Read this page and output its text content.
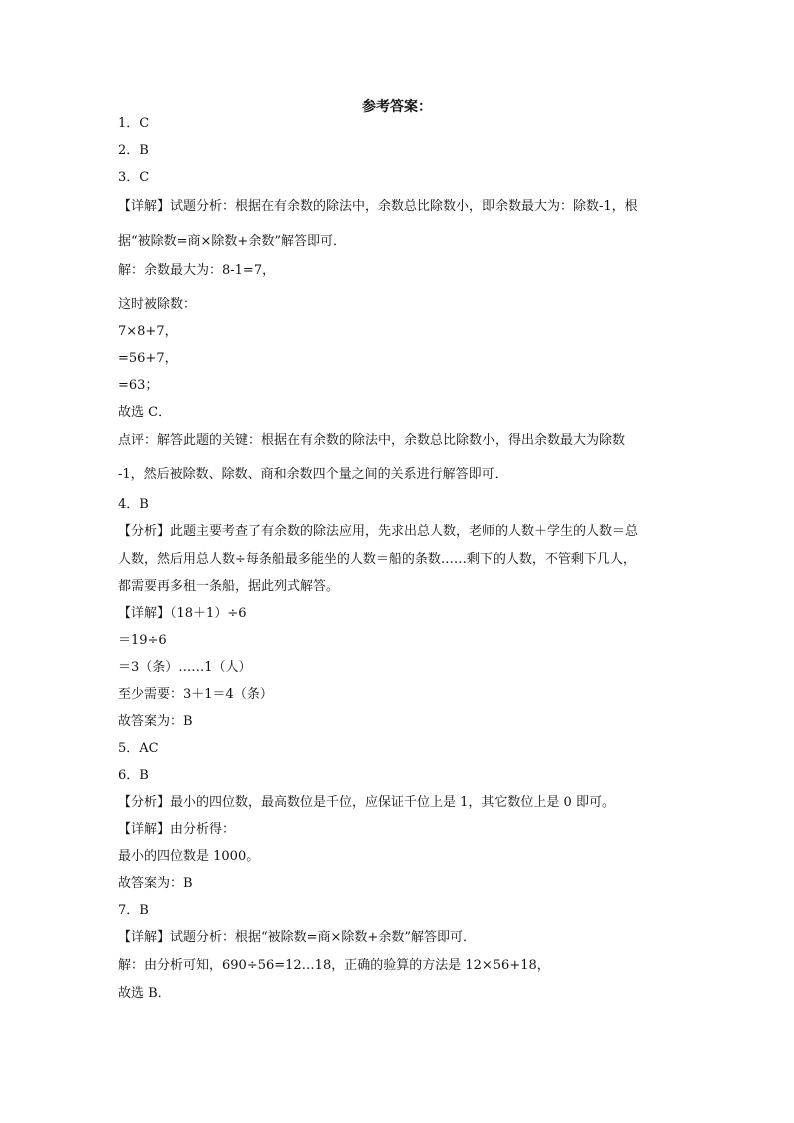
参考答案：
1．C
2．B
3．C
【详解】试题分析：根据在有余数的除法中，余数总比除数小，即余数最大为：除数-1，根
据“被除数=商×除数+余数”解答即可．
解：余数最大为：8-1=7，
这时被除数：
7×8+7，
=56+7，
=63；
故选 C．
点评：解答此题的关键：根据在有余数的除法中，余数总比除数小，得出余数最大为除数
-1，然后被除数、除数、商和余数四个量之间的关系进行解答即可．
4．B
【分析】此题主要考查了有余数的除法应用，先求出总人数，老师的人数＋学生的人数＝总
人数，然后用总人数÷每条船最多能坐的人数＝船的条数……剩下的人数，不管剩下几人，
都需要再多租一条船，据此列式解答。
【详解】（18＋1）÷6
＝19÷6
＝3（条）……1（人）
至少需要：3＋1＝4（条）
故答案为：B
5．AC
6．B
【分析】最小的四位数，最高数位是千位，应保证千位上是 1，其它数位上是 0 即可。
【详解】由分析得：
最小的四位数是 1000。
故答案为：B
7．B
【详解】试题分析：根据“被除数=商×除数+余数”解答即可．
解：由分析可知，690÷56=12…18，正确的验算的方法是 12×56+18，
故选 B．
